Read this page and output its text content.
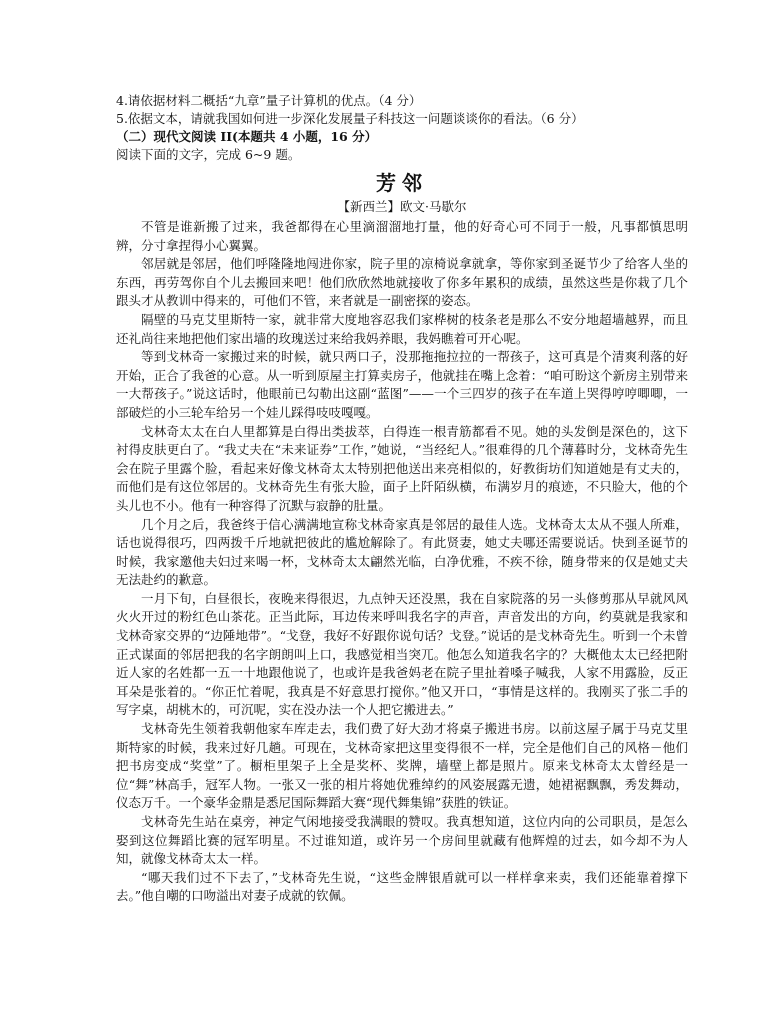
4.请依据材料二概括“九章”量子计算机的优点。（4 分）

5.依据文本，请就我国如何进一步深化发展量子科技这一问题谈谈你的看法。（6 分）

（二）现代文阅读 II(本题共 4 小题，16 分）

阅读下面的文字，完成 6~9 题。

芳邻
【新西兰】欧文·马歇尔

不管是谁新搬了过来，我爸都得在心里滴溜溜地打量，他的好奇心可不同于一般，凡事都慎思明辨，分寸拿捏得小心翼翼。

邻居就是邻居，他们呼隆隆地闯进你家，院子里的凉椅说拿就拿，等你家到圣诞节少了给客人坐的东西，再劳驾你自个儿去搬回来吧！他们欣欣然地就接收了你多年累积的成绩，虽然这些是你栽了几个跟头才从教训中得来的，可他们不管，来者就是一副密探的姿态。

隔壁的马克艾里斯特一家，就非常大度地容忍我们家桦树的枝条老是那么不安分地超墙越界，而且还礼尚往来地把他们家出墙的玫瑰送过来给我妈养眼，我妈瞧着可开心呢。

等到戈林奇一家搬过来的时候，就只两口子，没那拖拖拉拉的一帮孩子，这可真是个清爽利落的好开始，正合了我爸的心意。从一听到原屋主打算卖房子，他就挂在嘴上念着：“咱可盼这个新房主别带来一大帮孩子。”说这话时，他眼前已勾勒出这副“蓝图”——一个三四岁的孩子在车道上哭得哼哼唧唧，一部破烂的小三轮车给另一个娃儿踩得吱吱嘎嘎。

戈林奇太太在白人里都算是白得出类拔萃，白得连一根青筋都看不见。她的头发倒是深色的，这下衬得皮肤更白了。“我丈夫在“未来证券”工作，”她说，“当经纪人。”很难得的几个薄暮时分，戈林奇先生会在院子里露个脸，看起来好像戈林奇太太特别把他送出来亮相似的，好教街坊们知道她是有丈夫的，而他们是有这位邻居的。戈林奇先生有张大脸，面子上阡陌纵横，布满岁月的痕迹，不只脸大，他的个头儿也不小。他有一种容得了沉默与寂静的肚量。

几个月之后，我爸终于信心满满地宣称戈林奇家真是邻居的最佳人选。戈林奇太太从不强人所难，话也说得很巧，四两拨千斤地就把彼此的尴尬解除了。有此贤妻，她丈夫哪还需要说话。快到圣诞节的时候，我家邀他夫妇过来喝一杯，戈林奇太太翩然光临，白净优雅，不疾不徐，随身带来的仅是她丈夫无法赴约的歉意。

一月下旬，白昼很长，夜晚来得很迟，九点钟天还没黑，我在自家院落的另一头修剪那从早就风风火火开过的粉红色山茶花。正当此际，耳边传来呼叫我名字的声音，声音发出的方向，约莫就是我家和戈林奇家交界的“边陲地带”。“戈登，我好不好跟你说句话？戈登。”说话的是戈林奇先生。听到一个未曾正式谋面的邻居把我的名字朗朗叫上口，我感觉相当突兀。他怎么知道我名字的？大概他太太已经把附近人家的名姓都一五一十地跟他说了，也或许是我爸妈老在院子里扯着嗓子喊我，人家不用露脸，反正耳朵是张着的。“你正忙着呢，我真是不好意思打搅你。”他又开口，“事情是这样的。我刚买了张二手的写字桌，胡桃木的，可沉呢，实在没办法一个人把它搬进去。”

戈林奇先生领着我朝他家车库走去，我们费了好大劲才将桌子搬进书房。以前这屋子属于马克艾里斯特家的时候，我来过好几趟。可现在，戈林奇家把这里变得很不一样，完全是他们自己的风格－他们把书房变成“奖堂”了。橱柜里架子上全是奖杯、奖牌，墙壁上都是照片。原来戈林奇太太曾经是一位“舞”林高手，冠军人物。一张又一张的相片将她优雅绰约的风姿展露无遗，她裙裾飘飘，秀发舞动，仪态万千。一个豪华金鼎是悉尼国际舞蹈大赛“现代舞集锦”获胜的铁证。

戈林奇先生站在桌旁，神定气闲地接受我满眼的赞叹。我真想知道，这位内向的公司职员，是怎么娶到这位舞蹈比赛的冠军明星。不过谁知道，或许另一个房间里就藏有他辉煌的过去，如今却不为人知，就像戈林奇太太一样。

“哪天我们过不下去了，”戈林奇先生说，“这些金牌银盾就可以一样样拿来卖，我们还能靠着撑下去。”他自嘲的口吻溢出对妻子成就的钦佩。
